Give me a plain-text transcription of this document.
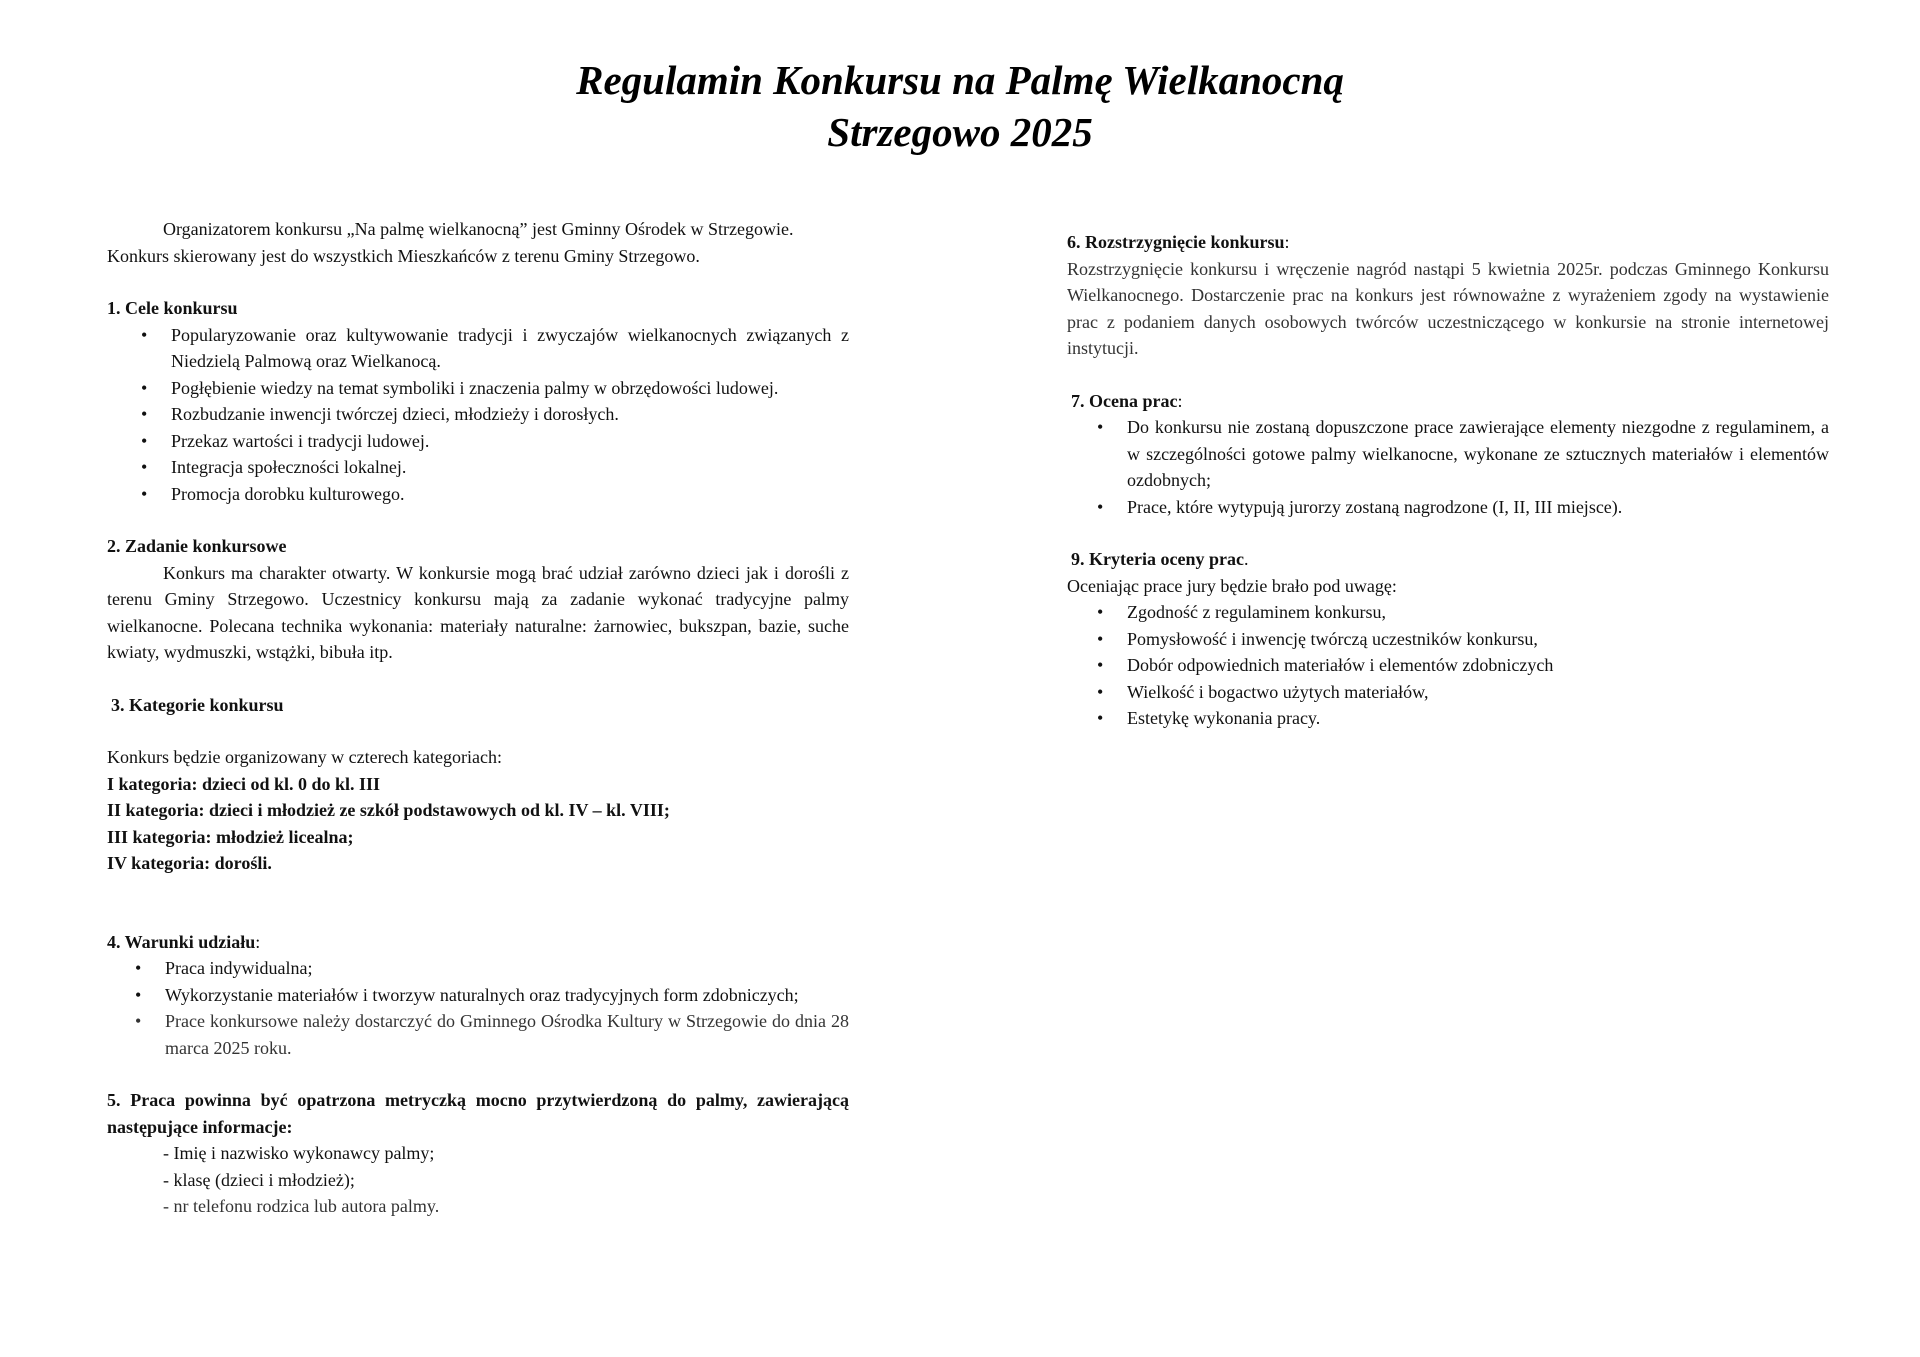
Regulamin Konkursu na Palmę Wielkanocną
Strzegowo 2025

Organizatorem konkursu „Na palmę wielkanocną” jest Gminny Ośrodek w Strzegowie.

Konkurs skierowany jest do wszystkich Mieszkańców z terenu Gminy Strzegowo.

1. Cele konkursu
• Popularyzowanie oraz kultywowanie tradycji i zwyczajów wielkanocnych związanych z Niedzielą Palmową oraz Wielkanocą.
• Pogłębienie wiedzy na temat symboliki i znaczenia palmy w obrzędowości ludowej.
• Rozbudzanie inwencji twórczej dzieci, młodzieży i dorosłych.
• Przekaz wartości i tradycji ludowej.
• Integracja społeczności lokalnej.
• Promocja dorobku kulturowego.
2. Zadanie konkursowe

Konkurs ma charakter otwarty. W konkursie mogą brać udział zarówno dzieci jak i dorośli z terenu Gminy Strzegowo. Uczestnicy konkursu mają za zadanie wykonać tradycyjne palmy wielkanocne. Polecana technika wykonania: materiały naturalne: żarnowiec, bukszpan, bazie, suche kwiaty, wydmuszki, wstążki, bibuła itp.

3. Kategorie konkursu

Konkurs będzie organizowany w czterech kategoriach:

I kategoria: dzieci od kl. 0 do kl. III

II kategoria: dzieci i młodzież ze szkół podstawowych od kl. IV – kl. VIII;

III kategoria: młodzież licealna;

IV kategoria: dorośli.

4. Warunki udziału:
• Praca indywidualna;
• Wykorzystanie materiałów i tworzyw naturalnych oraz tradycyjnych form zdobniczych;
• Prace konkursowe należy dostarczyć do Gminnego Ośrodka Kultury w Strzegowie do dnia 28 marca 2025 roku.
5. Praca powinna być opatrzona metryczką mocno przytwierdzoną do palmy, zawierającą następujące informacje:

- Imię i nazwisko wykonawcy palmy;

- klasę (dzieci i młodzież);

- nr telefonu rodzica lub autora palmy.

6. Rozstrzygnięcie konkursu:

Rozstrzygnięcie konkursu i wręczenie nagród nastąpi 5 kwietnia 2025r. podczas Gminnego Konkursu Wielkanocnego. Dostarczenie prac na konkurs jest równoważne z wyrażeniem zgody na wystawienie prac z podaniem danych osobowych twórców uczestniczącego w konkursie na stronie internetowej instytucji.

7. Ocena prac:
• Do konkursu nie zostaną dopuszczone prace zawierające elementy niezgodne z regulaminem, a w szczególności gotowe palmy wielkanocne, wykonane ze sztucznych materiałów i elementów ozdobnych;
• Prace, które wytypują jurorzy zostaną nagrodzone (I, II, III miejsce).
9. Kryteria oceny prac.

Oceniając prace jury będzie brało pod uwagę:

• Zgodność z regulaminem konkursu,
• Pomysłowość i inwencję twórczą uczestników konkursu,
• Dobór odpowiednich materiałów i elementów zdobniczych
• Wielkość i bogactwo użytych materiałów,
• Estetykę wykonania pracy.
